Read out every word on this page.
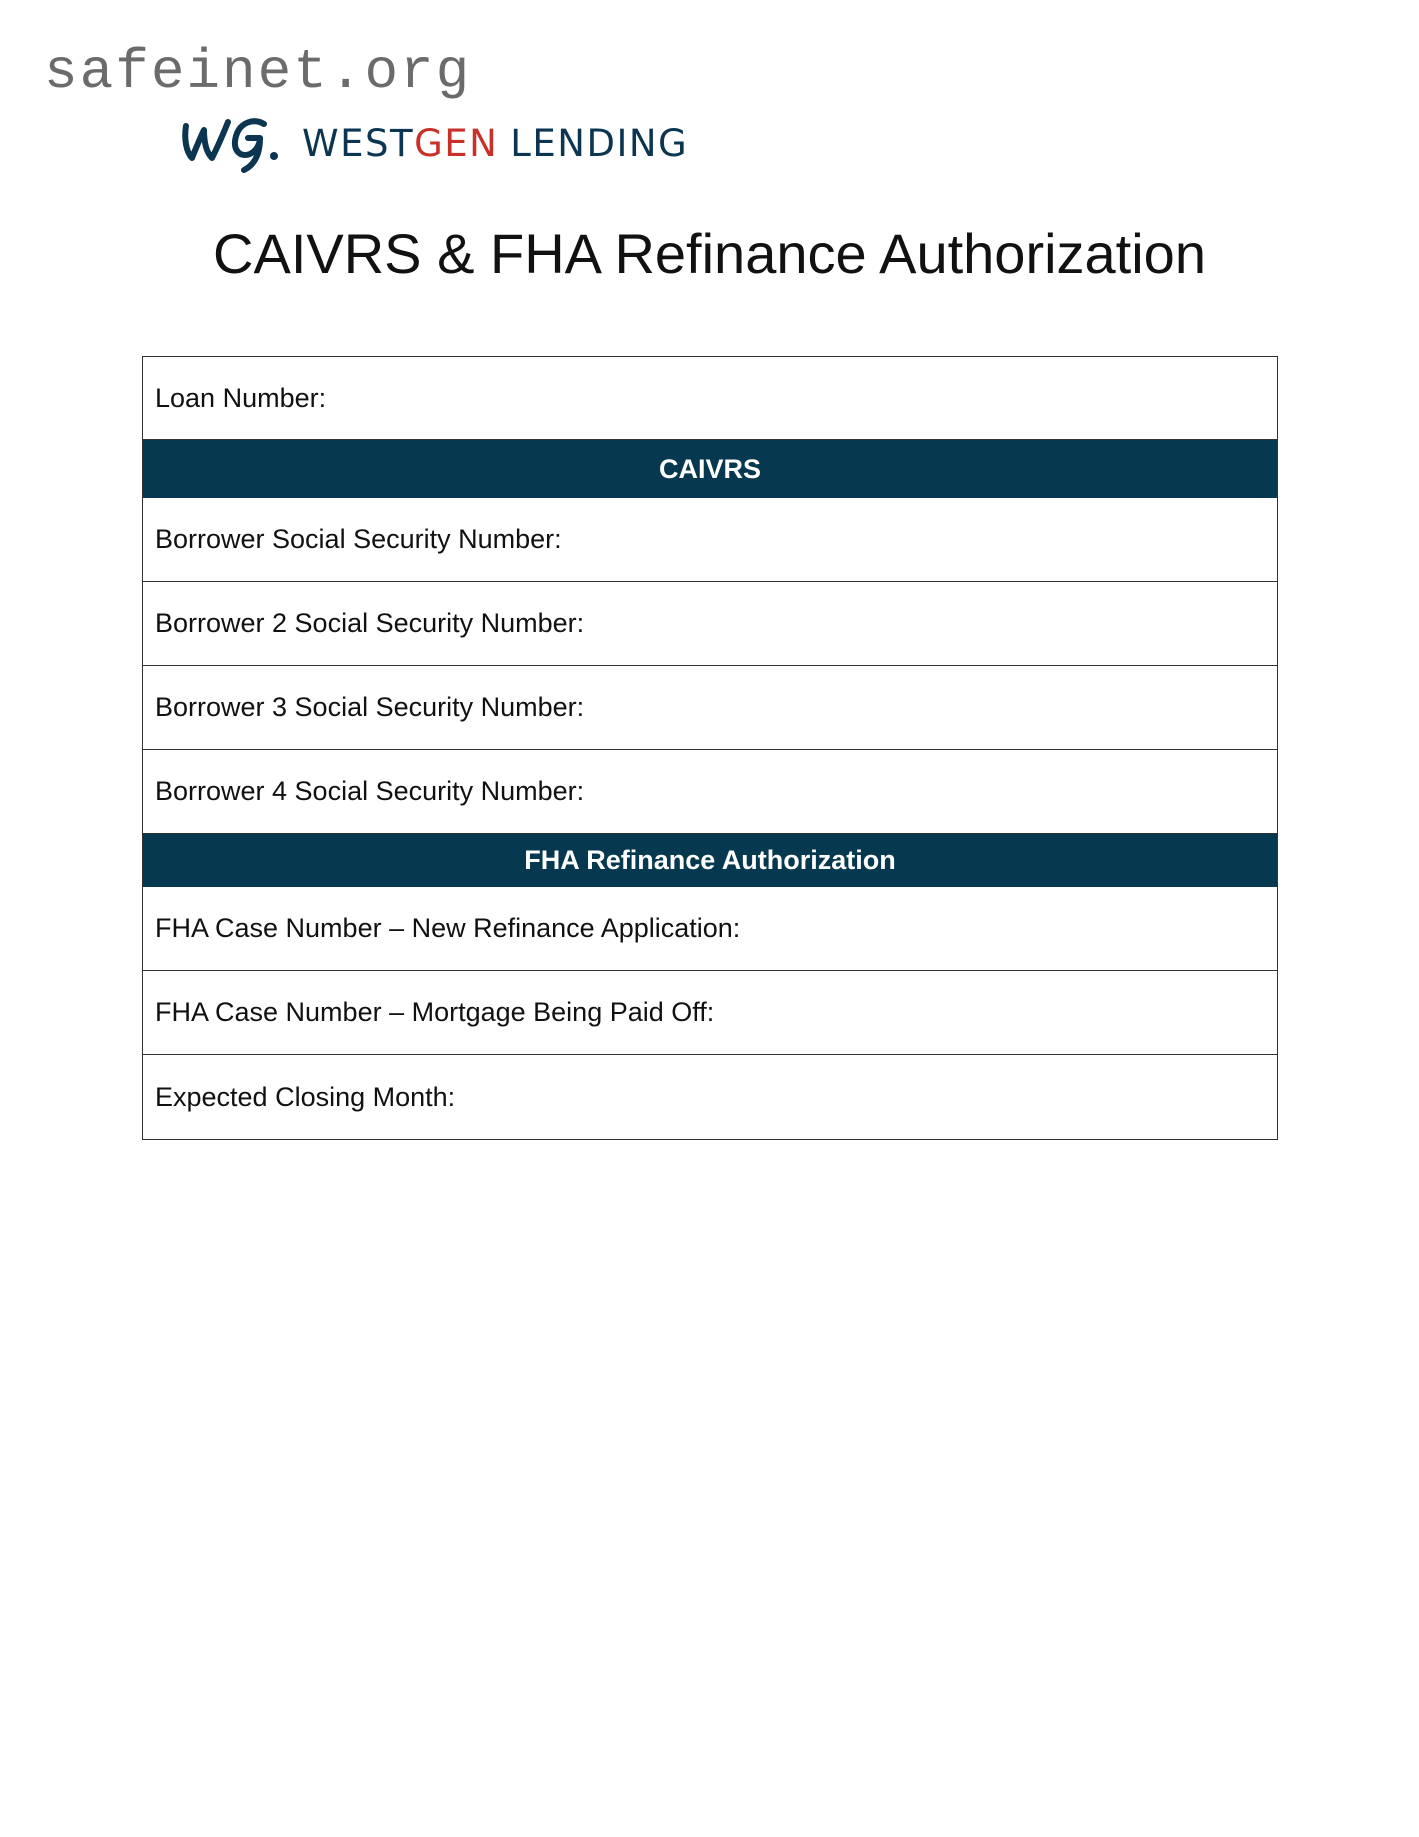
safeinet.org
WESTGEN LENDING
CAIVRS & FHA Refinance Authorization
Loan Number:
CAIVRS
Borrower Social Security Number:
Borrower 2 Social Security Number:
Borrower 3 Social Security Number:
Borrower 4 Social Security Number:
FHA Refinance Authorization
FHA Case Number – New Refinance Application:
FHA Case Number – Mortgage Being Paid Off:
Expected Closing Month:
